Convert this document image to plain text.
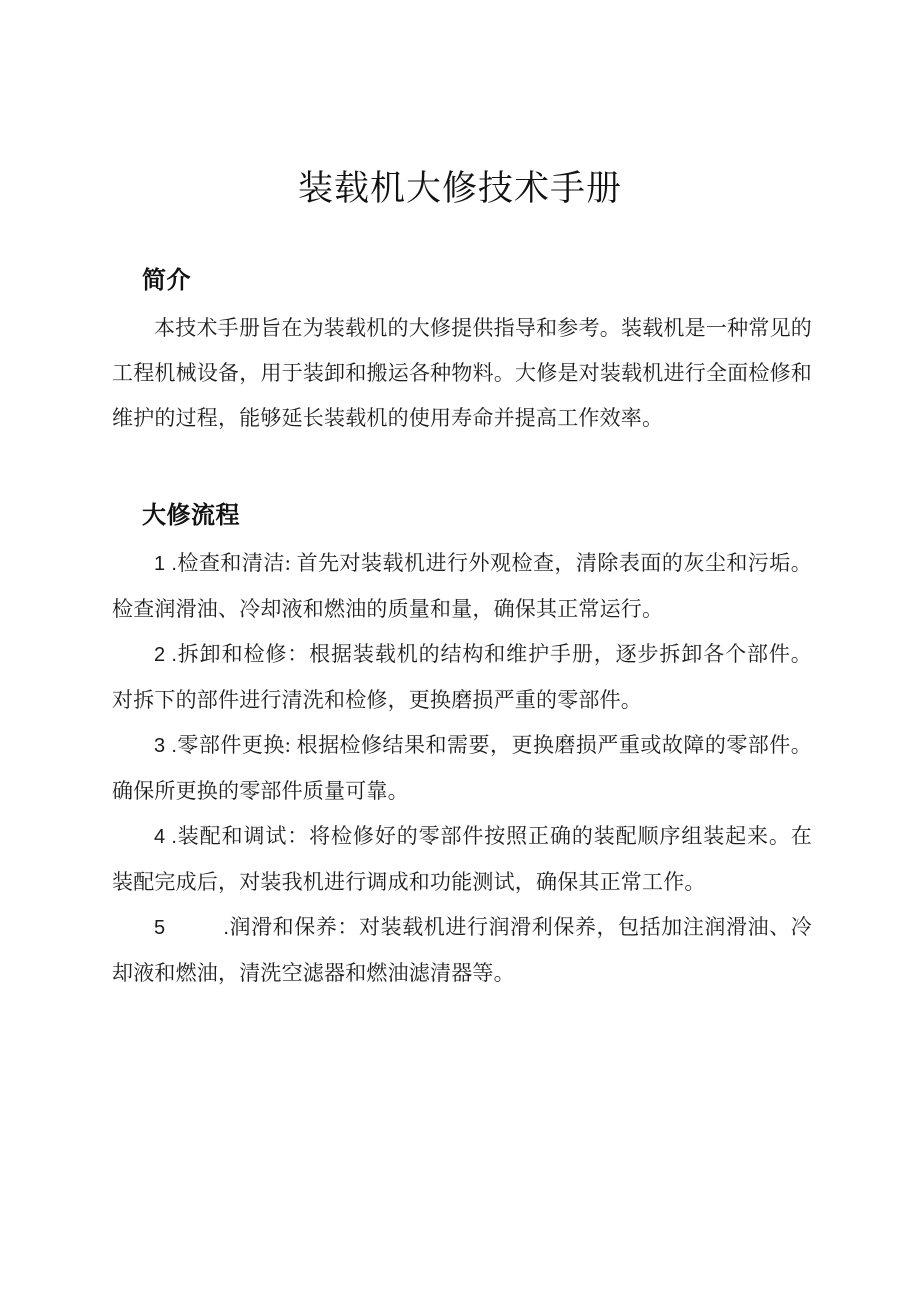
装载机大修技术手册
简介

本技术手册旨在为装载机的大修提供指导和参考。装载机是一种常见的工程机械设备，用于装卸和搬运各种物料。大修是对装载机进行全面检修和维护的过程，能够延长装载机的使用寿命并提高工作效率。

大修流程
1 .检查和清洁: 首先对装载机进行外观检查，清除表面的灰尘和污垢。检查润滑油、冷却液和燃油的质量和量，确保其正常运行。
2 .拆卸和检修：根据装载机的结构和维护手册，逐步拆卸各个部件。对拆下的部件进行清洗和检修，更换磨损严重的零部件。
3 .零部件更换: 根据检修结果和需要，更换磨损严重或故障的零部件。确保所更换的零部件质量可靠。
4 .装配和调试：将检修好的零部件按照正确的装配顺序组装起来。在装配完成后，对装我机进行调成和功能测试，确保其正常工作。
5	.润滑和保养：对装载机进行润滑利保养，包括加注润滑油、冷却液和燃油，清洗空滤器和燃油滤清器等。
